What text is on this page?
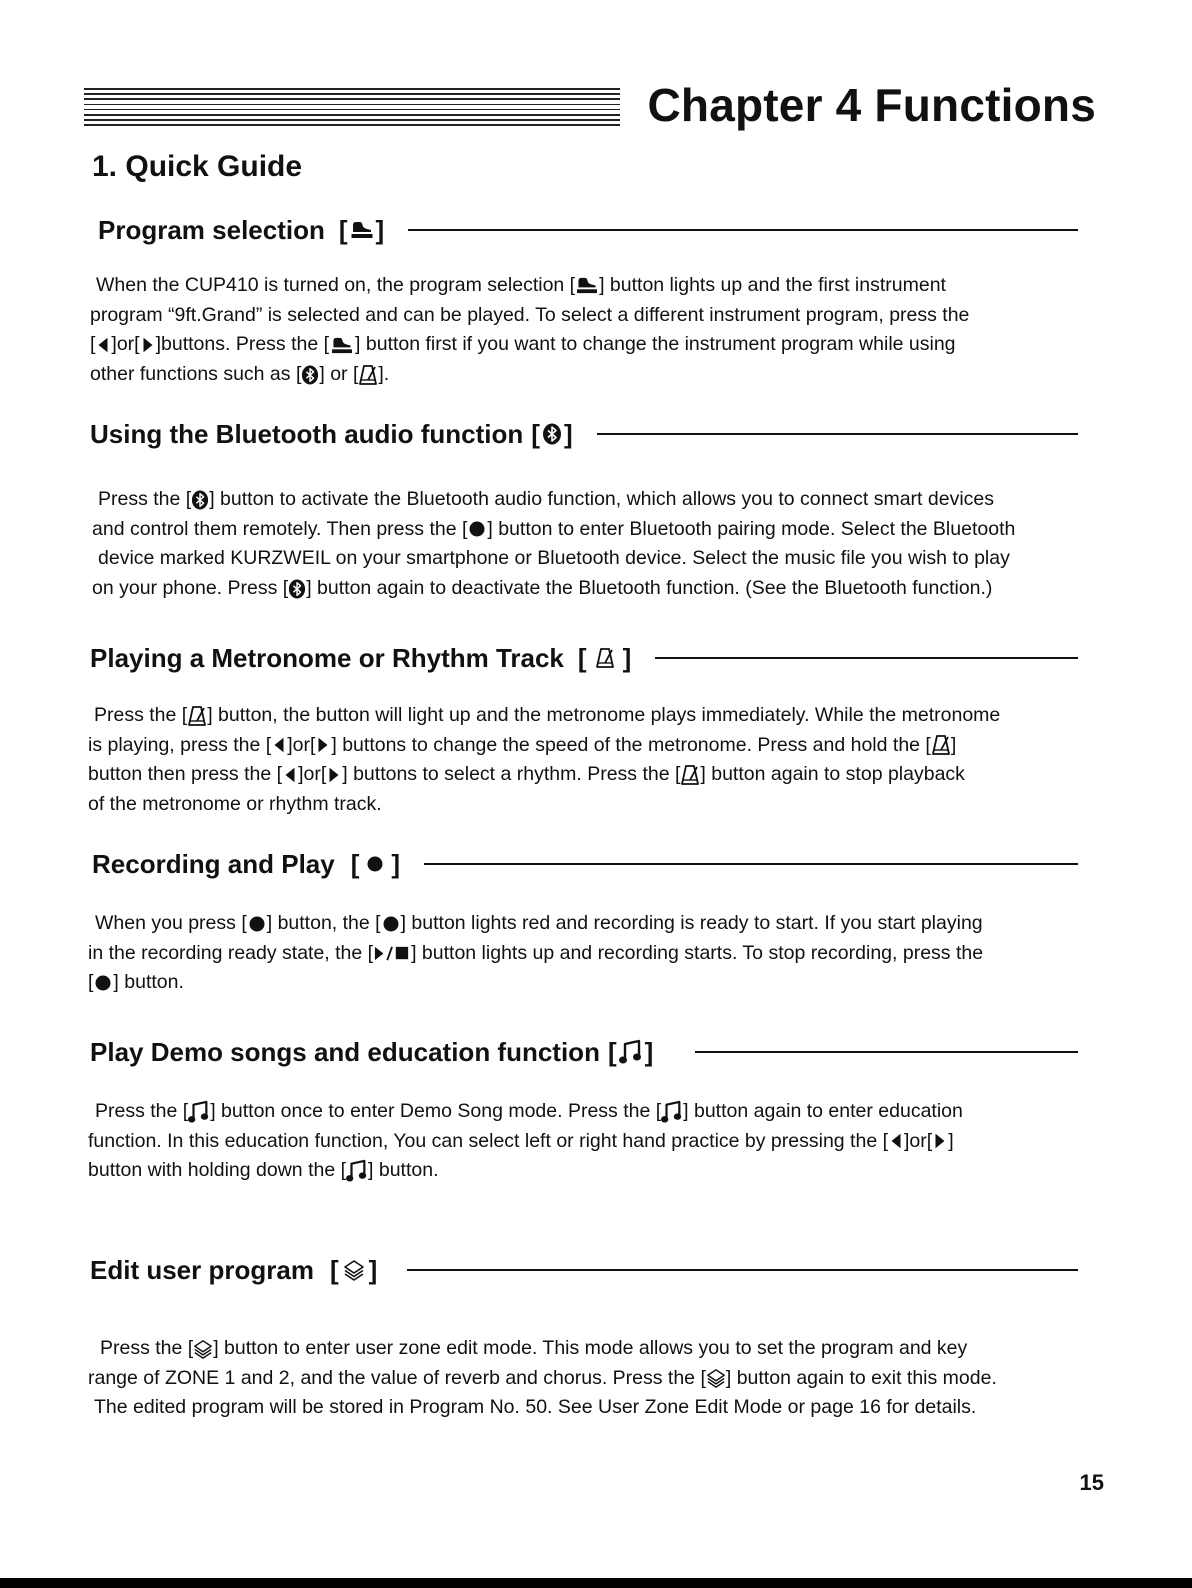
Chapter 4 Functions
1. Quick Guide
Program selection [ ]
When the CUP410 is turned on, the program selection [ ] button lights up and the first instrument
program “9ft.Grand” is selected and can be played. To select a different instrument program, press the
[ ]or[ ]buttons. Press the [ ] button first if you want to change the instrument program while using
other functions such as [ ] or [ ].
Using the Bluetooth audio function [ ]
Press the [ ] button to activate the Bluetooth audio function, which allows you to connect smart devices
and control them remotely. Then press the [ ] button to enter Bluetooth pairing mode. Select the Bluetooth
device marked KURZWEIL on your smartphone or Bluetooth device. Select the music file you wish to play
on your phone. Press [ ] button again to deactivate the Bluetooth function. (See the Bluetooth function.)
Playing a Metronome or Rhythm Track [ ]
Press the [ ] button, the button will light up and the metronome plays immediately. While the metronome
is playing, press the [ ]or[ ] buttons to change the speed of the metronome. Press and hold the [ ]
button then press the [ ]or[ ] buttons to select a rhythm. Press the [ ] button again to stop playback
of the metronome or rhythm track.
Recording and Play [ ]
When you press [ ] button, the [ ] button lights red and recording is ready to start. If you start playing
in the recording ready state, the [ ] button lights up and recording starts. To stop recording, press the
[ ] button.
Play Demo songs and education function [ ]
Press the [ ] button once to enter Demo Song mode. Press the [ ] button again to enter education
function. In this education function, You can select left or right hand practice by pressing the [ ]or[ ]
button with holding down the [ ] button.
Edit user program [ ]
Press the [ ] button to enter user zone edit mode. This mode allows you to set the program and key
range of ZONE 1 and 2, and the value of reverb and chorus. Press the [ ] button again to exit this mode.
The edited program will be stored in Program No. 50. See User Zone Edit Mode or page 16 for details.
15
